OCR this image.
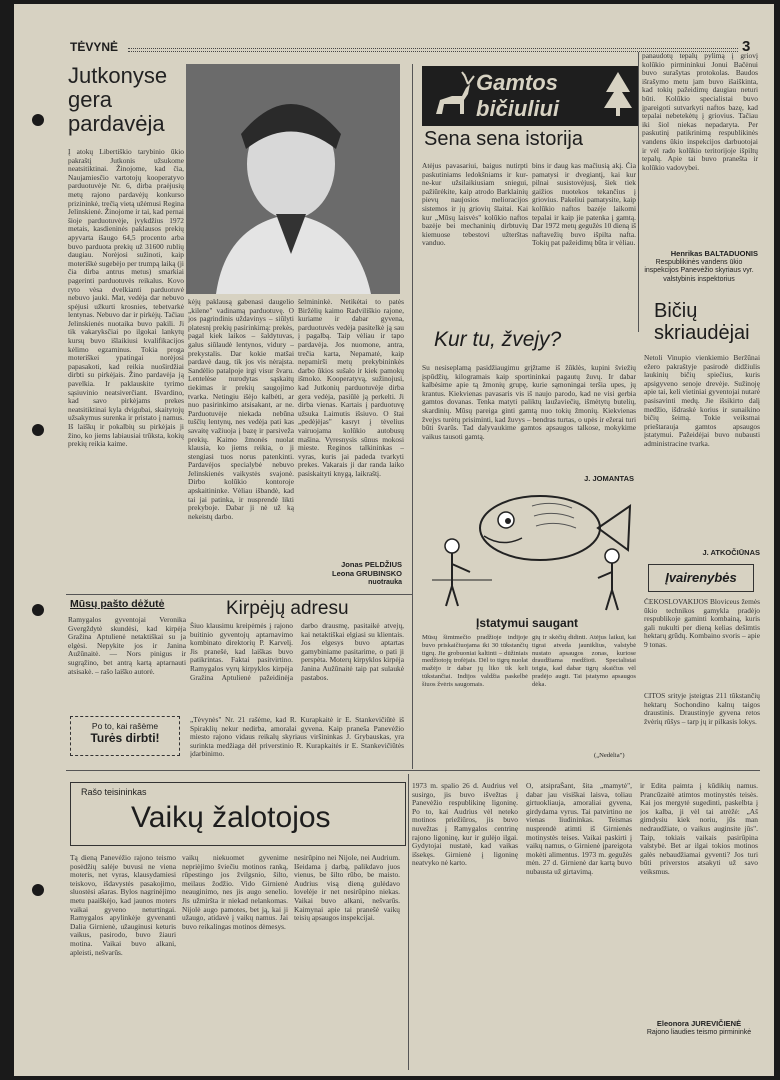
TĖVYNĖ	3
Jutkonyse
gera
pardavėja
Į atokų Libertiškio tarybinio ūkio pakraštį Jutkonis užsukome neatsitiktinai. Žinojome, kad čia, Naujamiesčio vartotojų kooperatyvo parduotuvėje Nr. 6, dirba praėjusių metų rajono pardavėjų konkurso prizininkė, trečią vietą užėmusi Regina Jelinskienė. Žinojome ir tai, kad pernai šioje parduotuvėje, įvykdžius 1972 metais, kasdieninės paklausos prekių apyvarta išaugo 64,5 procento arba buvo parduota prekių už 31600 rublių daugiau. Norėjosi sužinoti, kaip moteriškė sugebėjo per trumpą laiką (ji čia dirba antrus metus) smarkiai pagerinti parduotuvės reikalus. Kovo ryto vėsa dvelkianti parduotuvė nebuvo jauki. Mat, vedėja dar nebuvo spėjusi užkurti krosnies, tebetvarkė lentynas. Nebuvo dar ir pirkėjų. Tačiau Jelinskienės nuotaika buvo pakili. Ji tik vakaryksčiai po ilgokai lankytų kursų buvo išlaikiusi kvalifikacijos kėlimo egzaminus. Tokia proga moteriškei ypatingai norėjosi papasakoti, kad reikia nuoširdžiai dirbti su pirkėjais. Žino pardavėja ją pavelkia. Ir paklauskite tyrimo sąsiuvinio neatsiverčiant. Išvardino, kad savo pirkėjams prekes neatsitiktinai kyla dvigubai, skaitytojų užsakymus surenka ir pristato į namus. Iš laiškų ir pokalbių su pirkėjais ji žino, ko jiems labiausiai trūksta, kokių prekių reikia kaime.
kėjų paklausą gabenasi daugelio „kilene" vadinamą parduotuvę. O jos pagrindinis uždavinys – siūlyti platesnį prekių pasirinkimą: prekės, pagal kiek laikos – šaldytuvas, galus siūlaudė lentynos, vidury – prekystalis. Dar kokie matšai pardavė daug, tik jos vis nėraįsta. Sandėlio patalpoje irgi visur švaru. Lentelėse nurodytas sąskaitų tiekimas ir prekių saugojimo tvarka. Netingiu išėjo kalbėti, ar nuo pasirinkimo atsisakant, ar ne. Parduotuvėje niekada nebūna tuščių lentynų, nes vedėja pati kas savaitę važiuoja į bazę ir parsiveža prekių. Kaimo žmonės nuolat klausia, ko jiems reikia, o ji stengiasi tuos norus patenkinti. Pardavėjos specialybė nebuvo Jelinskienės vaikystės svajonė. Dirbo kolūkio kontoroje apskaitininke. Vėliau išbandė, kad tai jai patinka, ir nusprendė likti prekyboje. Dabar ji nė už ką nekeistų darbo.
šelmininkė. Netikėtai to patės Biržėlių kaimo Radviliškio rajone, kuriame ir dabar gyvena, parduotuvės vedėja pasitelkė ją sau į pagalbą. Taip vėliau ir tapo pardavėja. Jos nuomone, antra, trečia karta, Nepamatė, kaip nepamirši metų prekybininkės darbo ūkios sušalo ir kiek pamokų išmoko. Kooperatyvą, sužinojusi, kad Jutkonių parduotuvėje dirba gera vedėja, pasiūlė ją perkelti. Ji dirba vienas. Kartais į parduotuvę užsuka Laimutis išsiuvo. O štai „pedėjėjas" kasryt į tėvelius vairuojama kolūkio autobusų mašina. Vyresnysis sūnus mokosi mieste. Reginos talkininkas – vyras, kuris jai padeda tvarkyti prekes. Vakarais ji dar randa laiko pasiskaityti knygą, laikraštį.
Jonas PELDŽIUS
Leona GRUBINSKO
nuotrauka
Mūsų pašto dėžutė
Ramygalos gyventojai Veronika Gvergždytė skundėsi, kad kirpėja Gražina Aptulienė netaktiškai su ja elgėsi. Nepykite jos ir Janina Aužūnaitė. — Nors pinigus ir sugrąžino, bet antrą kartą aptarnauti atsisakė. – rašo laiško autorė.
Kirpėjų adresu
Šiuo klausimu kreipėmės į rajono buitinio gyventojų aptarnavimo kombinato direktorių P. Karvelį. Jis pranešė, kad laiškas buvo patikrintas. Faktai pasitvirtino. Ramygalos vyrų kirpyklos kirpėja Gražina Aptulienė pažeidinėja darbo drausmę, pasitaikė atvejų, kai netaktiškai elgiasi su klientais. Jos elgesys buvo aptartas gamybiniame pasitarime, o pati ji perspėta. Moterų kirpyklos kirpėja Janina Aužūnaitė taip pat sulaukė pastabos.
Po to, kai rašėme
Turės dirbti!
„Tėvynės" Nr. 21 rašėme, kad R. Kurapkaitė ir E. Stankevičiūtė iš Spiraklių nekur nedirba, amoralai gyvena. Kaip praneša Panevėžio miesto rajono vidaus reikalų skyriaus viršininkas J. Grybauskas, yra surinkta medžiaga dėl priverstinio R. Kurapkaitės ir E. Stankevičiūtės įdarbinimo.
Gamtos
bičiuliui
Sena sena istorija
Atėjus pavasariui, baigus nutirpti paskutiniams ledokšniams ir kur-ne-kur užsilaikiusiam sniegui, pažiūrėkite, kaip atrodo Barklainių pievų naujosios melioracijos sistemos ir jų griovių šlaitai. Kai kur „Mūsų laisvės" kolūkio naftos bazėje bei mechaninių dirbtuvių kiemuose tebestovi užterštas vanduo.
bins ir daug kas mačiusią akį. Čia pamatysi ir dvegiantį, kai kur pilnai susistovėjusį, šiek tiek gaižios nuotekos tekančius į griovius. Pakeliui pamatysite, kaip kolūkio naftos bazėje laikomi tepalai ir kaip jie patenka į gamtą. Dar 1972 metų gegužės 10 dieną iš naftavežių buvo išpilta nafta. Tokių pat pažeidimų būta ir vėliau.
panaudotų tepalų pylimą į griovį kolūkio pirmininkui Jonui Bačėnui buvo surašytas protokolas. Baudos išrašymo metu jam buvo išaiškinta, kad tokių pažeidimų daugiau neturi būti. Kolūkio specialistai buvo įpareigoti sutvarkyti naftos bazę, kad tepalai nebetekėtų į griovius. Tačiau iki šiol niekas nepadaryta. Per paskutinį patikrinimą respublikinės vandens ūkio inspekcijos darbuotojai ir vėl rado kolūkio teritorijoje išpiltų tepalų. Apie tai buvo pranešta ir kolūkio vadovybei.
Henrikas BALTADUONIS
Respublikinės vandens ūkio inspekcijos Panevėžio skyriaus vyr. valstybinis inspektorius
Kur tu, žvejy?
Su nesiseplamą pasidžiaugimu grįžtame iš žūklės, kupini šviežių įspūdžių, kilogramais kaip sportininkai pagautų žuvų. Ir dabar kalbėsime apie tą žmonių grupę, kurie sąmoningai teršia upes, jų krantus. Kiekvienas pavasaris vis iš naujo parodo, kad ne visi gerbia gamtos dovanas. Tenka matyti paliktų laužaviečių, išmėtytų butelių, skardinių. Mūsų pareiga ginti gamtą nuo tokių žmonių. Kiekvienas žvejys turėtų prisiminti, kad žuvys – bendras turtas, o upės ir ežerai turi būti švarūs. Tad dalyvaukime gamtos apsaugos talkose, mokykime vaikus tausoti gamtą.
J. JOMANTAS
Įstatymui saugant
Mūsų šimtmečio pradžioje indijoje buvo priskaičiuojama iki 30 tūkstančių tigrų. Jie grobuoniai kaltinti – dūžiniais medžiotojų trofėjais. Dėl to tigrų nuolat mažėjo ir dabar jų liko tik keli tūkstančiai. Indijos valdžia paskelbė šiuos žvėris saugomais.
gių ir skėčių didinti. Atėjus laikui, kai tigrai atveda jauniklius, valstybė nustato apsaugos zonas, kuriose draudžiama medžioti. Specialistai teigia, kad dabar tigrų skaičius vėl pradėjo augti. Tai įstatymo apsaugos dėka.
(„Nedėlia")
Bičių
skriaudėjai
Netoli Vinupio vienkiemio Beržūnai ežero pakraštyje pasirodė didžiulis laukinių bičių spiečius, kuris apsigyveno senoje drevėje. Sužinoję apie tai, keli vietiniai gyventojai nutarė pasisavinti medų. Jie išsikirto dalį medžio, išdraskė korius ir sunaikino bičių šeimą. Tokie veiksmai prieštarauja gamtos apsaugos įstatymui. Pažeidėjai buvo nubausti administracine tvarka.
J. ATKOČIŪNAS
Įvairenybės
ČEKOSLOVAKIJOS Bloviceus žemės ūkio technikos gamykla pradėjo respublikoje gaminti kombainą, kuris gali nukulti per dieną kelias dešimtis hektarų grūdų. Kombaino svoris – apie 9 tonas.
CITOS srityje įsteigtas 211 tūkstančių hektarų Sochondino kalnų taigos draustinis. Draustinyje gyvena retos žvėrių rūšys – tarp jų ir pilkasis lokys.
Rašo teisininkas
Vaikų žalotojos
Tą dieną Panevėžio rajono teismo posėdžių salėje buvusi ne viena moteris, net vyras, klausydamiesi teiskovo, išdavystės pasakojimo, sluostėsi ašaras. Bylos nagrinėjimo metu paaiškėjo, kad jaunos moters vaikai gyveno neturtingai. Ramygalos apylinkėje gyvenanti Dalia Girnienė, užauginusi keturis vaikus, pasirodo, buvo žiauri motina. Vaikai buvo alkani, apleisti, nešvarūs.
vaikų niekuomet gyvenime nepriėjimo šviečiu motinos ranką, rūpestingo jos žvilgsnio, šilto, meilaus žodžio. Vido Girnienė neauginimo, nes jis augo senelio. Jis užmiršta ir niekad nelankomas. Nijolė augo pamotes, bet ją, kai ji užaugo, atidavė į vaikų namus. Jai buvo reikalingas motinos dėmesys.
nesirūpino nei Nijole, nei Audrium. Išeidama į darbą, palikdavo juos vienus, be šilto rūbo, be maisto. Audrius visą dieną gulėdavo lovelėje ir net nesirūpino niekas. Vaikai buvo alkani, nešvarūs. Kaimynai apie tai pranešė vaikų teisių apsaugos inspekcijai.
1973 m. spalio 26 d. Audrius vel susirgo, jis buvo išvežtas į Panevėžio respublikinę ligoninę. Po to, kai Audrius vėl neteko motinos priežiūros, jis buvo nuvežtas į Ramygalos centrinę rajono ligoninę, kur ir gulėjo ilgai. Gydytojai nustatė, kad vaikas išsekęs. Girnienė į ligoninę neatvyko nė karto.
O, atsipraŠant, šita „mamytė", dabar jau visiškai laisva, toliau girtuokliauja, amoraliai gyvena, girdydama vyrus. Tai patvirtino ne vienas liudininkas. Teismas nusprendė atimti iš Girnienės motinystės teises. Vaikai paskirti į vaikų namus, o Girnienė įpareigota mokėti alimentus. 1973 m. gegužės mėn. 27 d. Girnienė dar kartą buvo nubausta už girtavimą.
ir Edita paimta į kūdikių namus. Prancūzaitė atimtos motinystės teisės. Kai jos mergytė sugedinti, paskelbta į jos kalba, ji vėl tai atrėžė: „Aš gimdysiu kiek noriu, jūs man nedraudžiate, o vaikus auginsite jūs". Taip, tokiais vaikais pasirūpina valstybė. Bet ar ilgai tokios motinos galės nebaudžiamai gyventi? Jos turi būti priverstos atsakyti už savo veiksmus.
Eleonora JUREVIČIENĖ
Rajono liaudies teismo pirmininkė
